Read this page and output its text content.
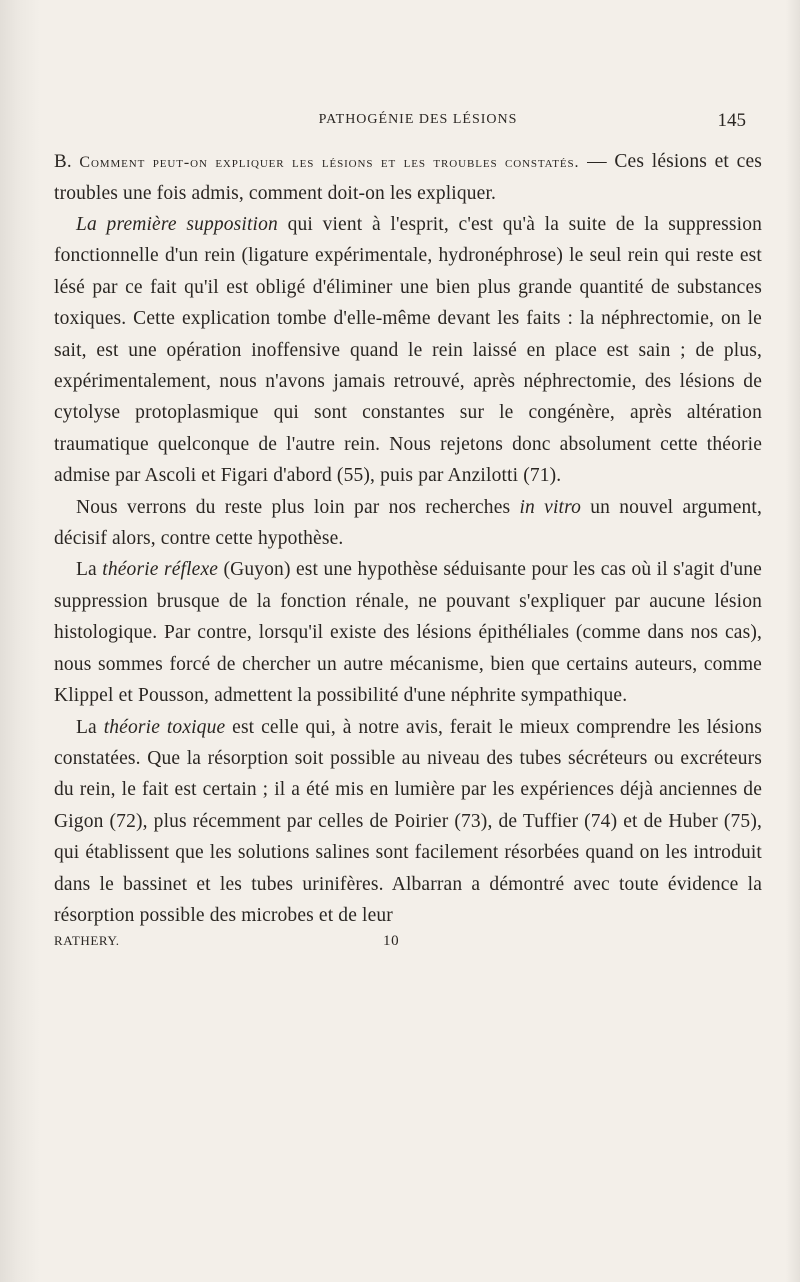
PATHOGÉNIE DES LÉSIONS	145
B. Comment peut-on expliquer les lésions et les troubles constatés. — Ces lésions et ces troubles une fois admis, comment doit-on les expliquer.

La première supposition qui vient à l'esprit, c'est qu'à la suite de la suppression fonctionnelle d'un rein (ligature expérimentale, hydronéphrose) le seul rein qui reste est lésé par ce fait qu'il est obligé d'éliminer une bien plus grande quantité de substances toxiques. Cette explication tombe d'elle-même devant les faits : la néphrectomie, on le sait, est une opération inoffensive quand le rein laissé en place est sain ; de plus, expérimentalement, nous n'avons jamais retrouvé, après néphrectomie, des lésions de cytolyse protoplasmique qui sont constantes sur le congénère, après altération traumatique quelconque de l'autre rein. Nous rejetons donc absolument cette théorie admise par Ascoli et Figari d'abord (55), puis par Anzilotti (71).

Nous verrons du reste plus loin par nos recherches in vitro un nouvel argument, décisif alors, contre cette hypothèse.

La théorie réflexe (Guyon) est une hypothèse séduisante pour les cas où il s'agit d'une suppression brusque de la fonction rénale, ne pouvant s'expliquer par aucune lésion histologique. Par contre, lorsqu'il existe des lésions épithéliales (comme dans nos cas), nous sommes forcé de chercher un autre mécanisme, bien que certains auteurs, comme Klippel et Pousson, admettent la possibilité d'une néphrite sympathique.

La théorie toxique est celle qui, à notre avis, ferait le mieux comprendre les lésions constatées. Que la résorption soit possible au niveau des tubes sécréteurs ou excréteurs du rein, le fait est certain ; il a été mis en lumière par les expériences déjà anciennes de Gigon (72), plus récemment par celles de Poirier (73), de Tuffier (74) et de Huber (75), qui établissent que les solutions salines sont facilement résorbées quand on les introduit dans le bassinet et les tubes urinifères. Albarran a démontré avec toute évidence la résorption possible des microbes et de leur

RATHERY.	10
